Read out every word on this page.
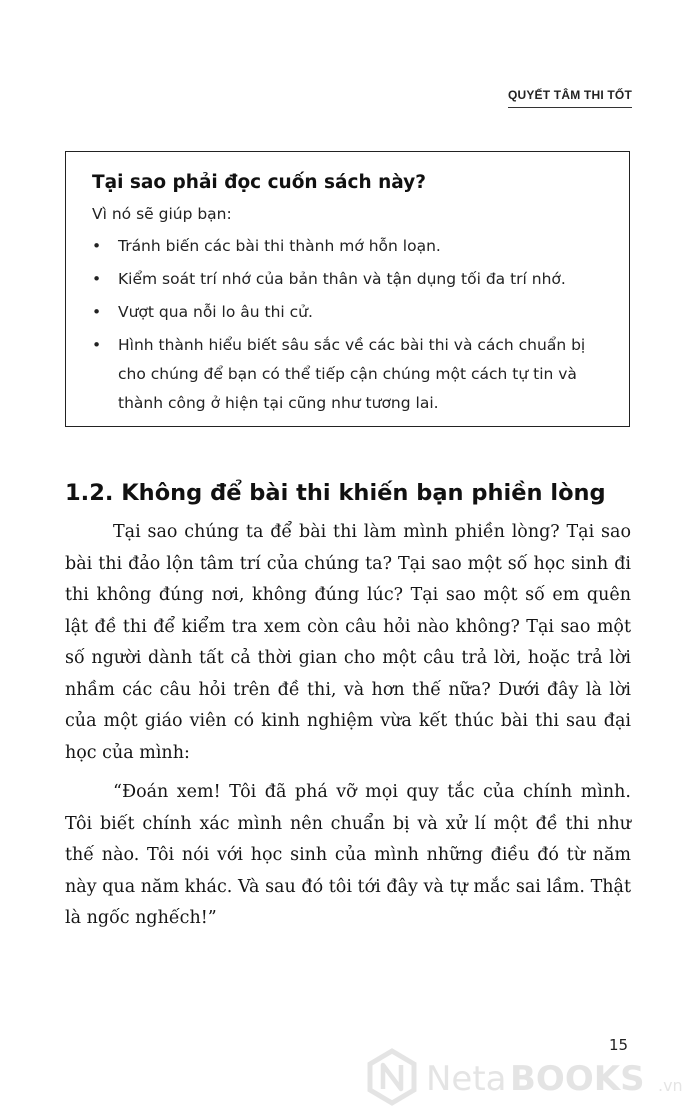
QUYẾT TÂM THI TỐT
Tại sao phải đọc cuốn sách này?
Vì nó sẽ giúp bạn:
• Tránh biến các bài thi thành mớ hỗn loạn.
• Kiểm soát trí nhớ của bản thân và tận dụng tối đa trí nhớ.
• Vượt qua nỗi lo âu thi cử.
• Hình thành hiểu biết sâu sắc về các bài thi và cách chuẩn bị cho chúng để bạn có thể tiếp cận chúng một cách tự tin và thành công ở hiện tại cũng như tương lai.
1.2. Không để bài thi khiến bạn phiền lòng

Tại sao chúng ta để bài thi làm mình phiền lòng? Tại sao bài thi đảo lộn tâm trí của chúng ta? Tại sao một số học sinh đi thi không đúng nơi, không đúng lúc? Tại sao một số em quên lật đề thi để kiểm tra xem còn câu hỏi nào không? Tại sao một số người dành tất cả thời gian cho một câu trả lời, hoặc trả lời nhầm các câu hỏi trên đề thi, và hơn thế nữa? Dưới đây là lời của một giáo viên có kinh nghiệm vừa kết thúc bài thi sau đại học của mình:

“Đoán xem! Tôi đã phá vỡ mọi quy tắc của chính mình. Tôi biết chính xác mình nên chuẩn bị và xử lí một đề thi như thế nào. Tôi nói với học sinh của mình những điều đó từ năm này qua năm khác. Và sau đó tôi tới đây và tự mắc sai lầm. Thật là ngốc nghếch!”

15
Neta BOOKS .vn
